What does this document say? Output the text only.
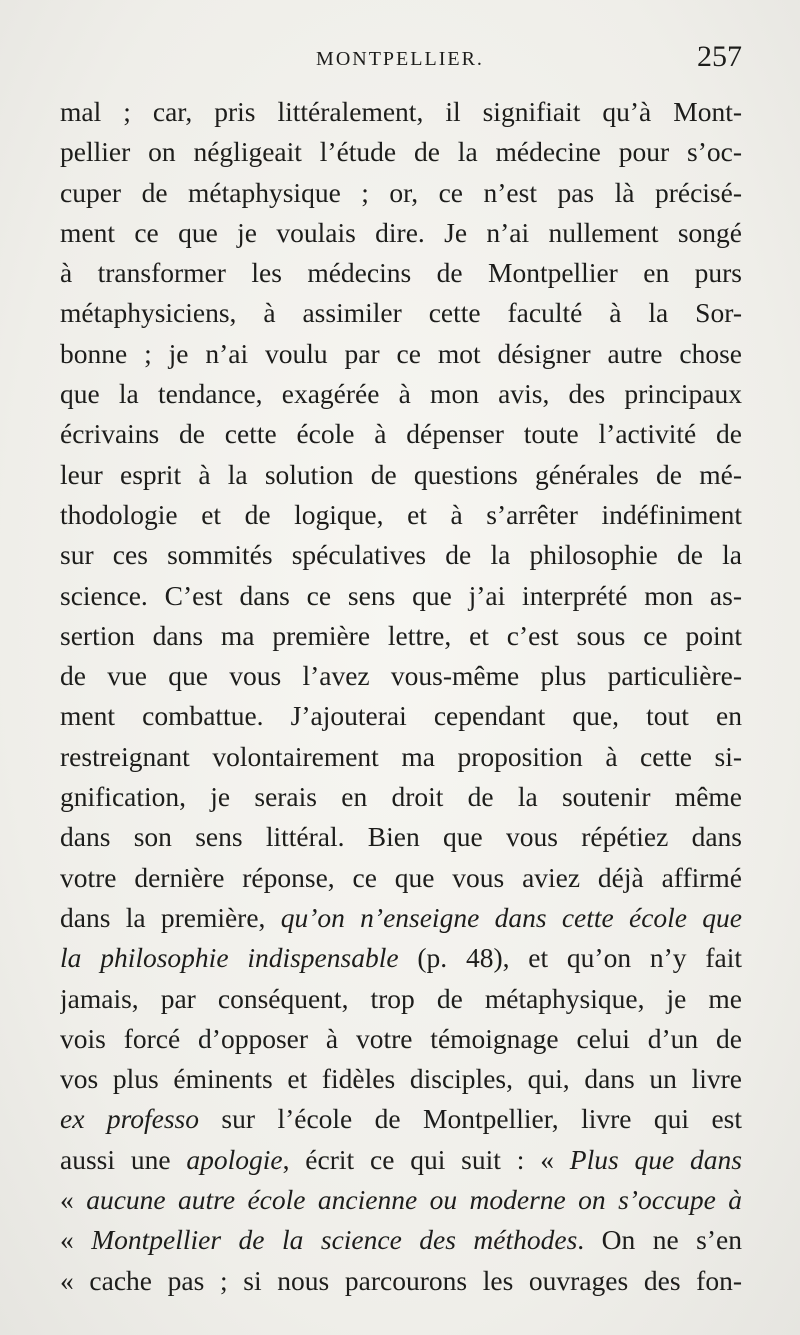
MONTPELLIER.	257
mal ; car, pris littéralement, il signifiait qu’à Mont-
pellier on négligeait l’étude de la médecine pour s’oc-
cuper de métaphysique ; or, ce n’est pas là précisé-
ment ce que je voulais dire. Je n’ai nullement songé
à transformer les médecins de Montpellier en purs
métaphysiciens, à assimiler cette faculté à la Sor-
bonne ; je n’ai voulu par ce mot désigner autre chose
que la tendance, exagérée à mon avis, des principaux
écrivains de cette école à dépenser toute l’activité de
leur esprit à la solution de questions générales de mé-
thodologie et de logique, et à s’arrêter indéfiniment
sur ces sommités spéculatives de la philosophie de la
science. C’est dans ce sens que j’ai interprété mon as-
sertion dans ma première lettre, et c’est sous ce point
de vue que vous l’avez vous-même plus particulière-
ment combattue. J’ajouterai cependant que, tout en
restreignant volontairement ma proposition à cette si-
gnification, je serais en droit de la soutenir même
dans son sens littéral. Bien que vous répétiez dans
votre dernière réponse, ce que vous aviez déjà affirmé
dans la première, qu’on n’enseigne dans cette école que
la philosophie indispensable (p. 48), et qu’on n’y fait
jamais, par conséquent, trop de métaphysique, je me
vois forcé d’opposer à votre témoignage celui d’un de
vos plus éminents et fidèles disciples, qui, dans un livre
ex professo sur l’école de Montpellier, livre qui est
aussi une apologie, écrit ce qui suit : « Plus que dans
« aucune autre école ancienne ou moderne on s’occupe à
« Montpellier de la science des méthodes. On ne s’en
« cache pas ; si nous parcourons les ouvrages des fon-
